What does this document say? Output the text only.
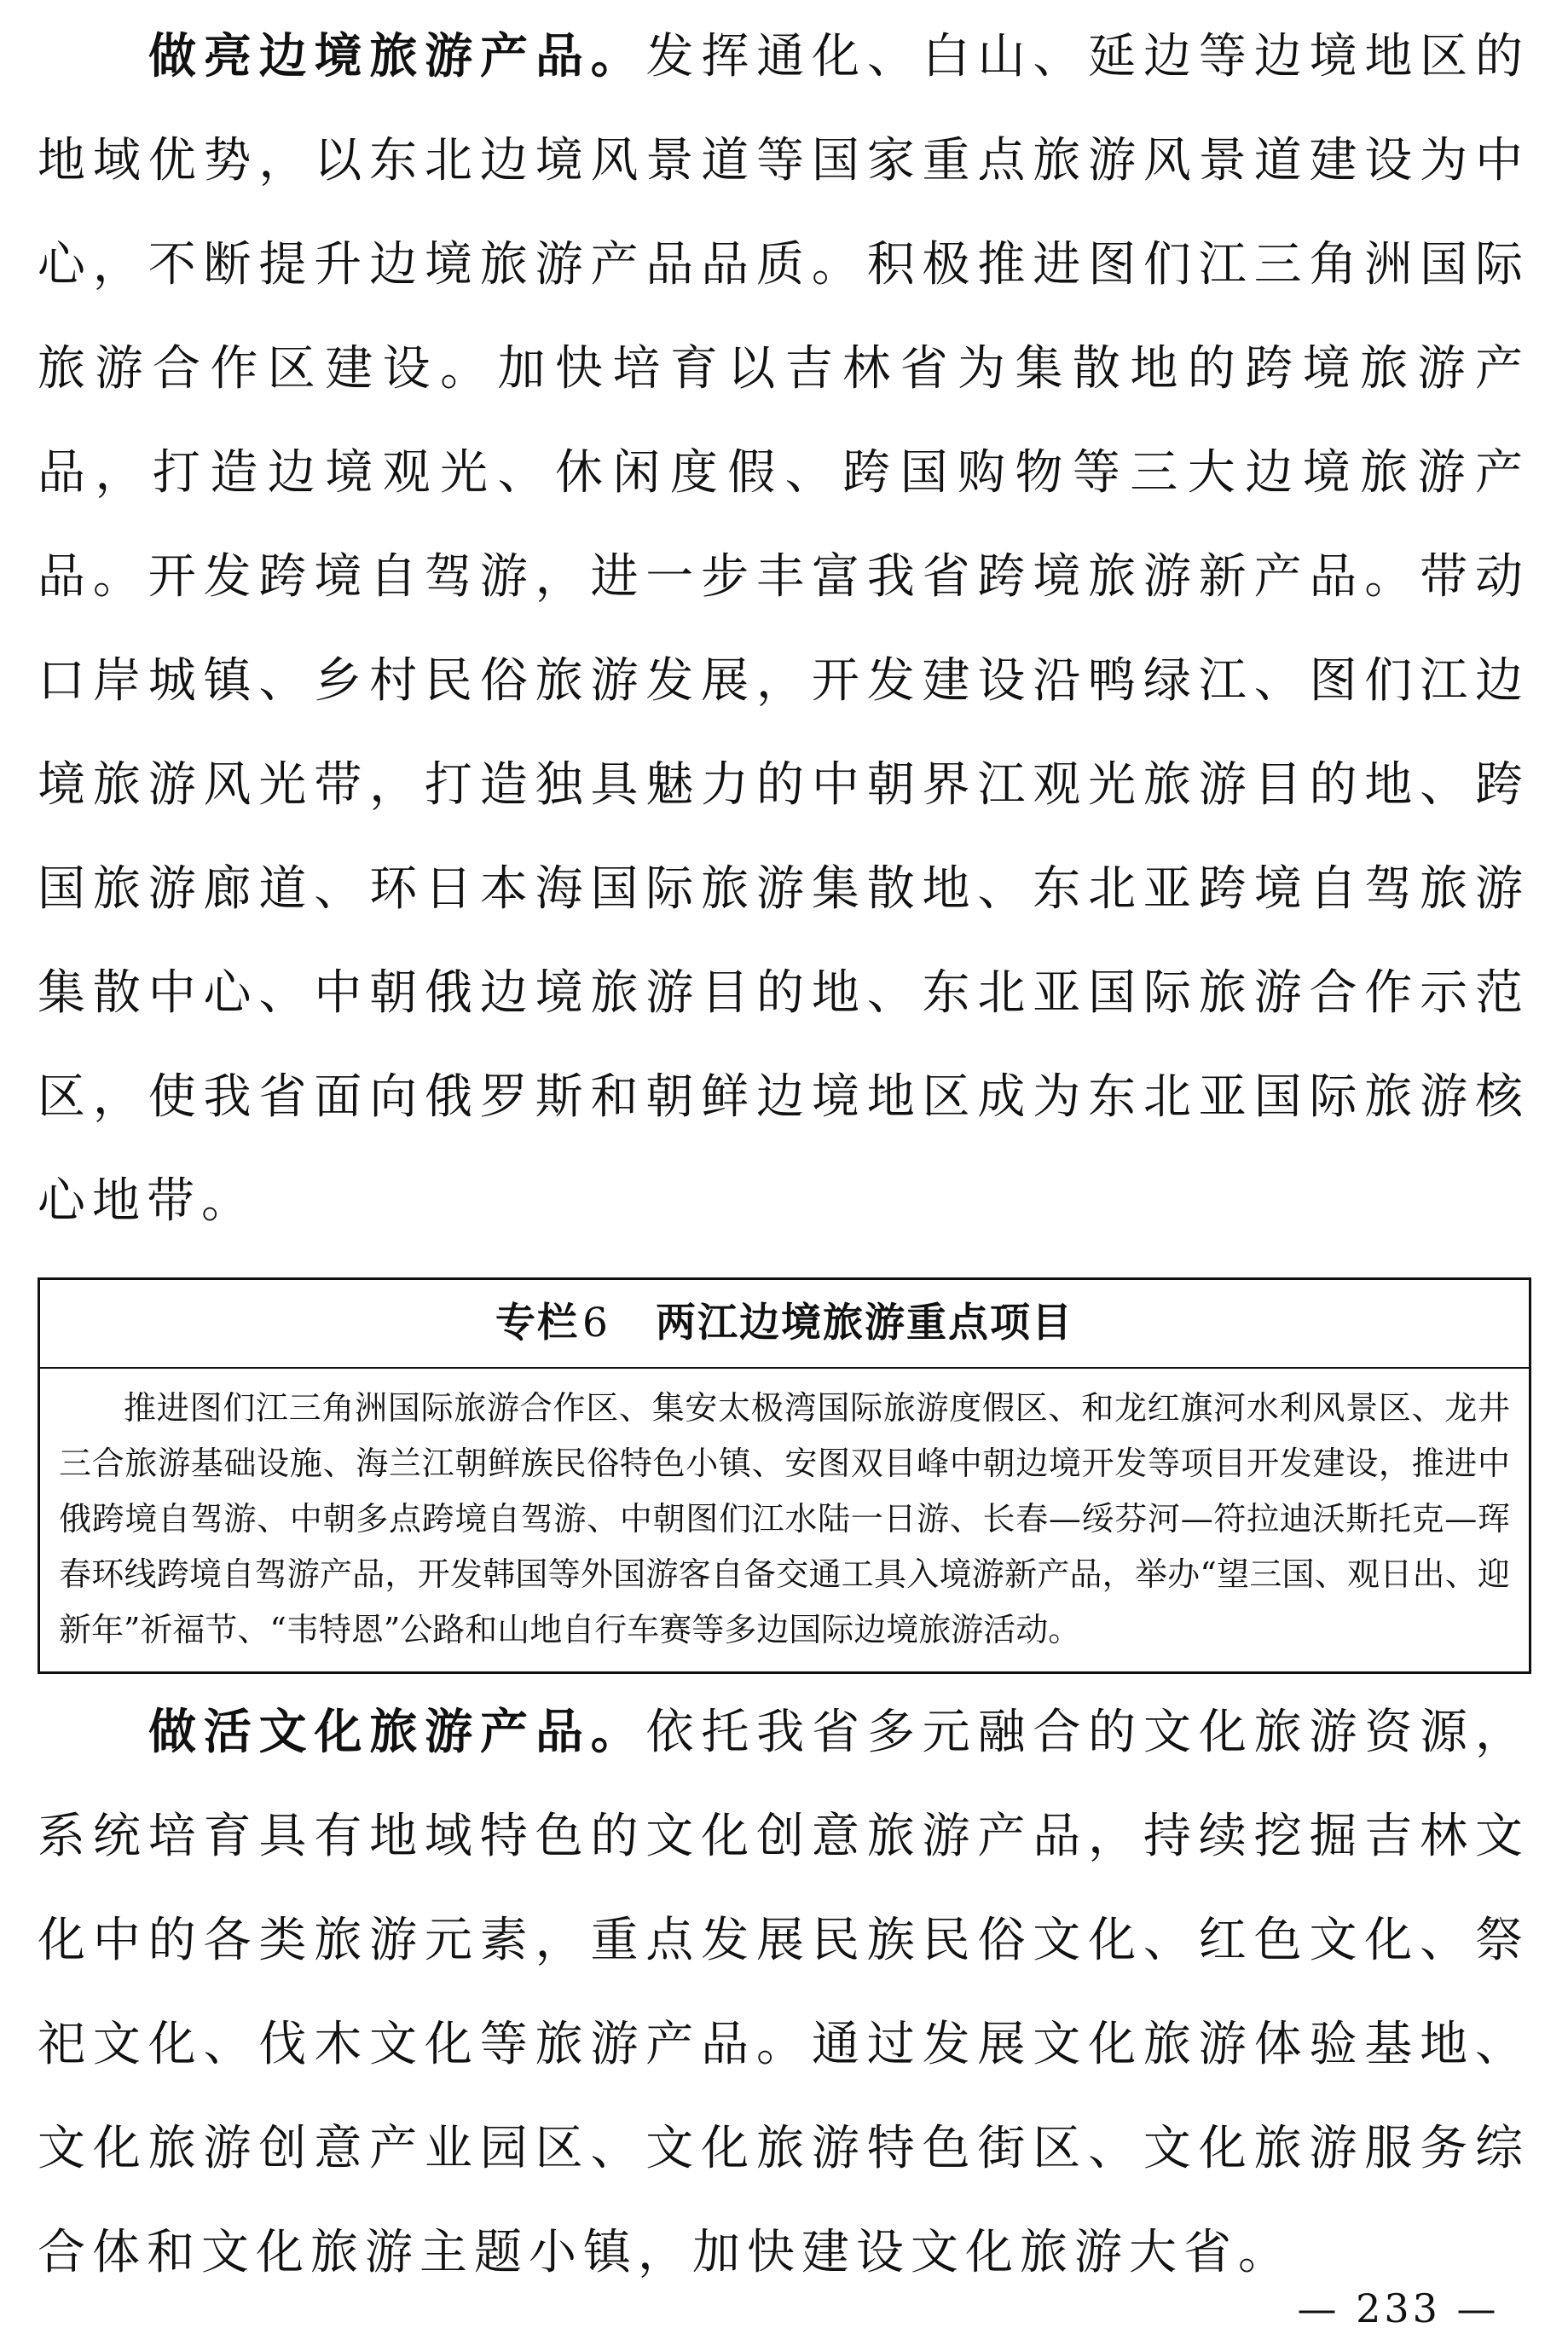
做亮边境旅游产品。发挥通化、白山、延边等边境地区的地域优势，以东北边境风景道等国家重点旅游风景道建设为中心，不断提升边境旅游产品品质。积极推进图们江三角洲国际旅游合作区建设。加快培育以吉林省为集散地的跨境旅游产品，打造边境观光、休闲度假、跨国购物等三大边境旅游产品。开发跨境自驾游，进一步丰富我省跨境旅游新产品。带动口岸城镇、乡村民俗旅游发展，开发建设沿鸭绿江、图们江边境旅游风光带，打造独具魅力的中朝界江观光旅游目的地、跨国旅游廊道、环日本海国际旅游集散地、东北亚跨境自驾旅游集散中心、中朝俄边境旅游目的地、东北亚国际旅游合作示范区，使我省面向俄罗斯和朝鲜边境地区成为东北亚国际旅游核心地带。

专栏6 两江边境旅游重点项目

推进图们江三角洲国际旅游合作区、集安太极湾国际旅游度假区、和龙红旗河水利风景区、龙井三合旅游基础设施、海兰江朝鲜族民俗特色小镇、安图双目峰中朝边境开发等项目开发建设，推进中俄跨境自驾游、中朝多点跨境自驾游、中朝图们江水陆一日游、长春—绥芬河—符拉迪沃斯托克—珲春环线跨境自驾游产品，开发韩国等外国游客自备交通工具入境游新产品，举办“望三国、观日出、迎新年”祈福节、“韦特恩”公路和山地自行车赛等多边国际边境旅游活动。

做活文化旅游产品。依托我省多元融合的文化旅游资源，系统培育具有地域特色的文化创意旅游产品，持续挖掘吉林文化中的各类旅游元素，重点发展民族民俗文化、红色文化、祭祀文化、伐木文化等旅游产品。通过发展文化旅游体验基地、文化旅游创意产业园区、文化旅游特色街区、文化旅游服务综合体和文化旅游主题小镇，加快建设文化旅游大省。

— 233 —
